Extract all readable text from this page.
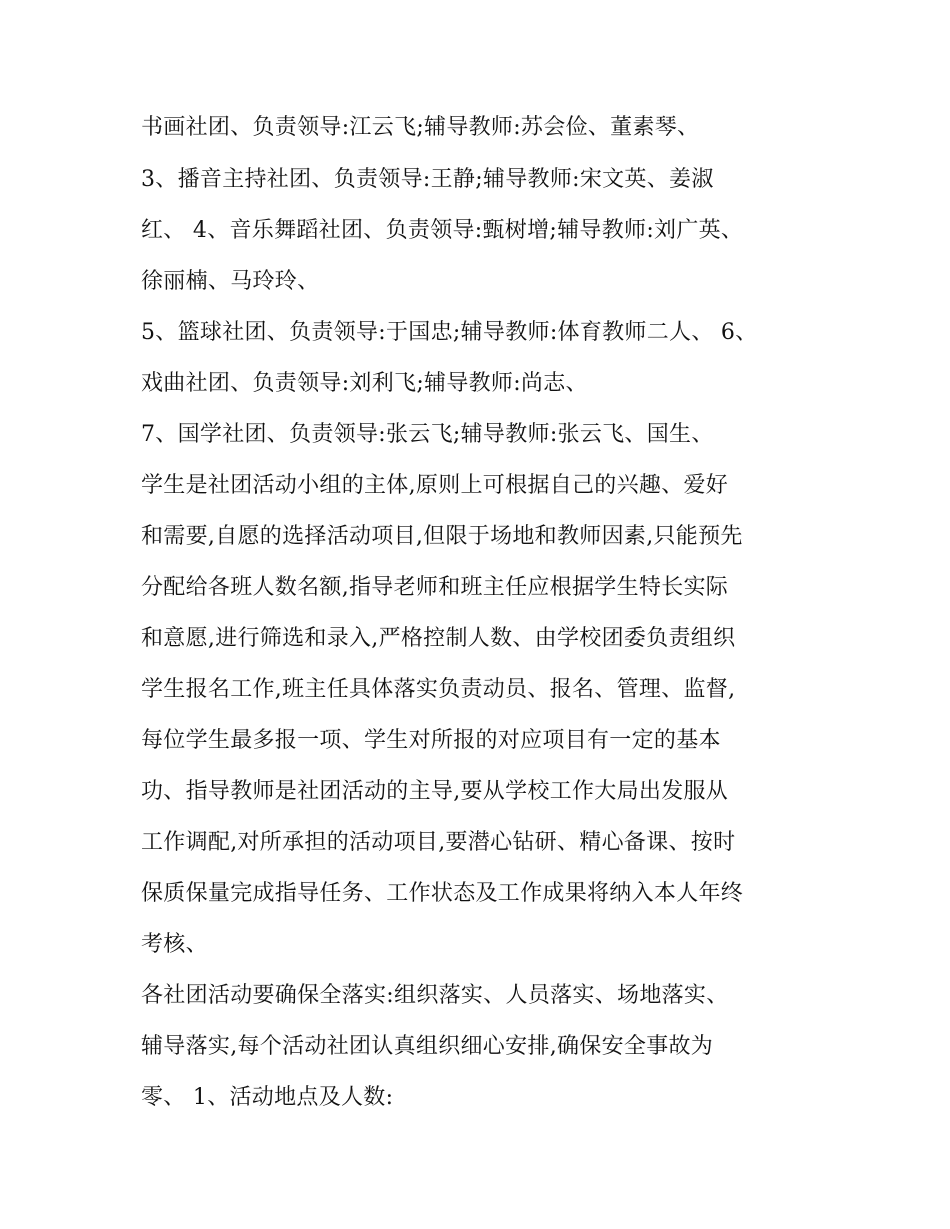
书画社团、负责领导:江云飞;辅导教师:苏会俭、董素琴、
3、播音主持社团、负责领导:王静;辅导教师:宋文英、姜淑
红、 4、音乐舞蹈社团、负责领导:甄树增;辅导教师:刘广英、
徐丽楠、马玲玲、
5、篮球社团、负责领导:于国忠;辅导教师:体育教师二人、 6、
戏曲社团、负责领导:刘利飞;辅导教师:尚志、
7、国学社团、负责领导:张云飞;辅导教师:张云飞、国生、
学生是社团活动小组的主体,原则上可根据自己的兴趣、爱好
和需要,自愿的选择活动项目,但限于场地和教师因素,只能预先
分配给各班人数名额,指导老师和班主任应根据学生特长实际
和意愿,进行筛选和录入,严格控制人数、由学校团委负责组织
学生报名工作,班主任具体落实负责动员、报名、管理、监督,
每位学生最多报一项、学生对所报的对应项目有一定的基本
功、指导教师是社团活动的主导,要从学校工作大局出发服从
工作调配,对所承担的活动项目,要潜心钻研、精心备课、按时
保质保量完成指导任务、工作状态及工作成果将纳入本人年终
考核、
各社团活动要确保全落实:组织落实、人员落实、场地落实、
辅导落实,每个活动社团认真组织细心安排,确保安全事故为
零、 1、活动地点及人数:
